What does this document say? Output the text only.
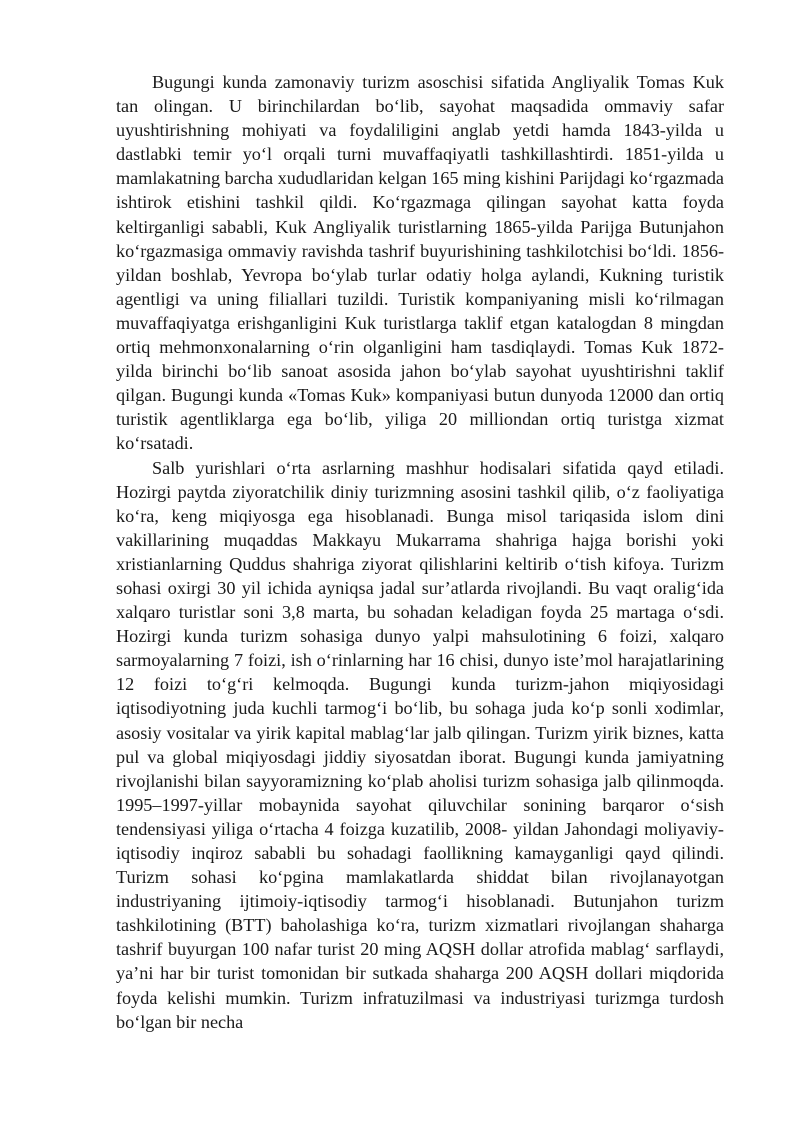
Bugungi kunda zamonaviy turizm asoschisi sifatida Angliyalik Tomas Kuk tan olingan. U birinchilardan bo‘lib, sayohat maqsadida ommaviy safar uyushtirishning mohiyati va foydaliligini anglab yetdi hamda 1843-yilda u dastlabki temir yo‘l orqali turni muvaffaqiyatli tashkillashtirdi. 1851-yilda u mamlakatning barcha xududlaridan kelgan 165 ming kishini Parijdagi ko‘rgazmada ishtirok etishini tashkil qildi. Ko‘rgazmaga qilingan sayohat katta foyda keltirganligi sababli, Kuk Angliyalik turistlarning 1865-yilda Parijga Butunjahon ko‘rgazmasiga ommaviy ravishda tashrif buyurishining tashkilotchisi bo‘ldi. 1856-yildan boshlab, Yevropa bo‘ylab turlar odatiy holga aylandi, Kukning turistik agentligi va uning filiallari tuzildi. Turistik kompaniyaning misli ko‘rilmagan muvaffaqiyatga erishganligini Kuk turistlarga taklif etgan katalogdan 8 mingdan ortiq mehmonxonalarning o‘rin olganligini ham tasdiqlaydi. Tomas Kuk 1872-yilda birinchi bo‘lib sanoat asosida jahon bo‘ylab sayohat uyushtirishni taklif qilgan. Bugungi kunda «Tomas Kuk» kompaniyasi butun dunyoda 12000 dan ortiq turistik agentliklarga ega bo‘lib, yiliga 20 milliondan ortiq turistga xizmat ko‘rsatadi.

Salb yurishlari o‘rta asrlarning mashhur hodisalari sifatida qayd etiladi. Hozirgi paytda ziyoratchilik diniy turizmning asosini tashkil qilib, o‘z faoliyatiga ko‘ra, keng miqiyosga ega hisoblanadi. Bunga misol tariqasida islom dini vakillarining muqaddas Makkayu Mukarrama shahriga hajga borishi yoki xristianlarning Quddus shahriga ziyorat qilishlarini keltirib o‘tish kifoya. Turizm sohasi oxirgi 30 yil ichida ayniqsa jadal sur’atlarda rivojlandi. Bu vaqt oralig‘ida xalqaro turistlar soni 3,8 marta, bu sohadan keladigan foyda 25 martaga o‘sdi. Hozirgi kunda turizm sohasiga dunyo yalpi mahsulotining 6 foizi, xalqaro sarmoyalarning 7 foizi, ish o‘rinlarning har 16 chisi, dunyo iste’mol harajatlarining 12 foizi to‘g‘ri kelmoqda. Bugungi kunda turizm-jahon miqiyosidagi iqtisodiyotning juda kuchli tarmog‘i bo‘lib, bu sohaga juda ko‘p sonli xodimlar, asosiy vositalar va yirik kapital mablag‘lar jalb qilingan. Turizm yirik biznes, katta pul va global miqiyosdagi jiddiy siyosatdan iborat. Bugungi kunda jamiyatning rivojlanishi bilan sayyoramizning ko‘plab aholisi turizm sohasiga jalb qilinmoqda. 1995–1997-yillar mobaynida sayohat qiluvchilar sonining barqaror o‘sish tendensiyasi yiliga o‘rtacha 4 foizga kuzatilib, 2008- yildan Jahondagi moliyaviy-iqtisodiy inqiroz sababli bu sohadagi faollikning kamayganligi qayd qilindi. Turizm sohasi ko‘pgina mamlakatlarda shiddat bilan rivojlanayotgan industriyaning ijtimoiy-iqtisodiy tarmog‘i hisoblanadi. Butunjahon turizm tashkilotining (BTT) baholashiga ko‘ra, turizm xizmatlari rivojlangan shaharga tashrif buyurgan 100 nafar turist 20 ming AQSH dollar atrofida mablag‘ sarflaydi, ya’ni har bir turist tomonidan bir sutkada shaharga 200 AQSH dollari miqdorida foyda kelishi mumkin. Turizm infratuzilmasi va industriyasi turizmga turdosh bo‘lgan bir necha
